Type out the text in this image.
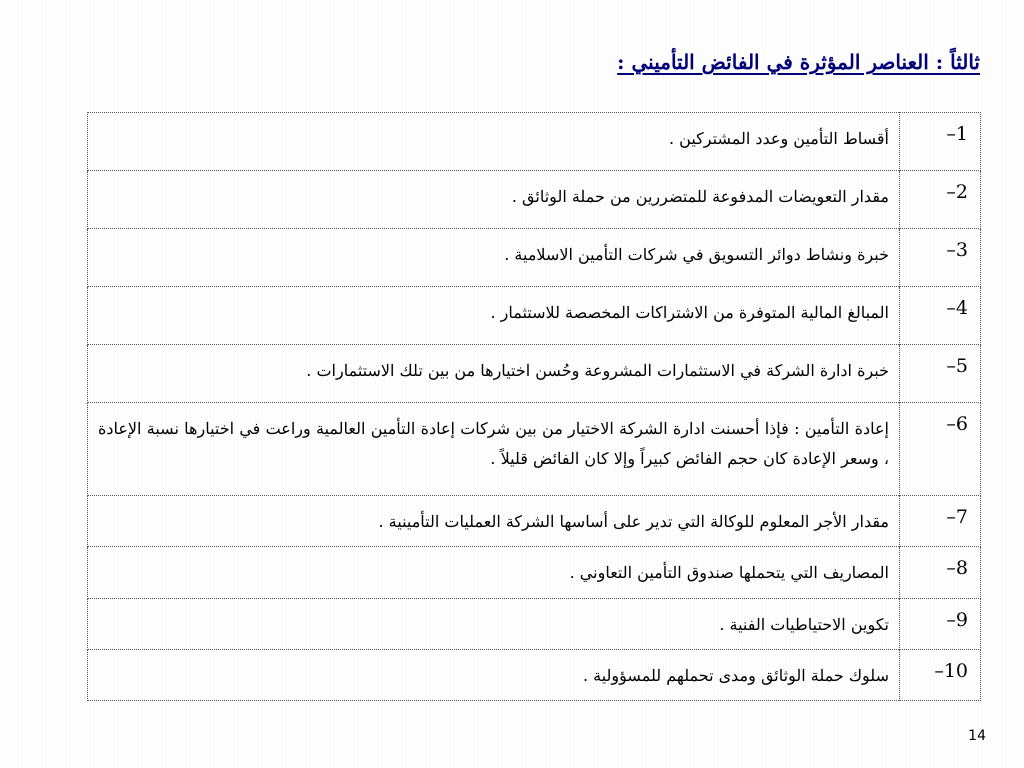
ثالثاً : العناصر المؤثرة في الفائض التأميني :
1–	أقساط التأمين وعدد المشتركين .
2–	مقدار التعويضات المدفوعة للمتضررين من حملة الوثائق .
3–	خبرة ونشاط دوائر التسويق في شركات التأمين الاسلامية .
4–	المبالغ المالية المتوفرة من الاشتراكات المخصصة للاستثمار .
5–	خبرة ادارة الشركة في الاستثمارات المشروعة وحُسن اختيارها من بين تلك الاستثمارات .
6–	إعادة التأمين : فإذا أحسنت ادارة الشركة الاختيار من بين شركات إعادة التأمين العالمية وراعت في اختيارها نسبة الإعادة ، وسعر الإعادة كان حجم الفائض كبيراً وإلا كان الفائض قليلاً .
7–	مقدار الأجر المعلوم للوكالة التي تدير على أساسها الشركة العمليات التأمينية .
8–	المصاريف التي يتحملها صندوق التأمين التعاوني .
9–	تكوين الاحتياطيات الفنية .
10–	سلوك حملة الوثائق ومدى تحملهم للمسؤولية .
14
